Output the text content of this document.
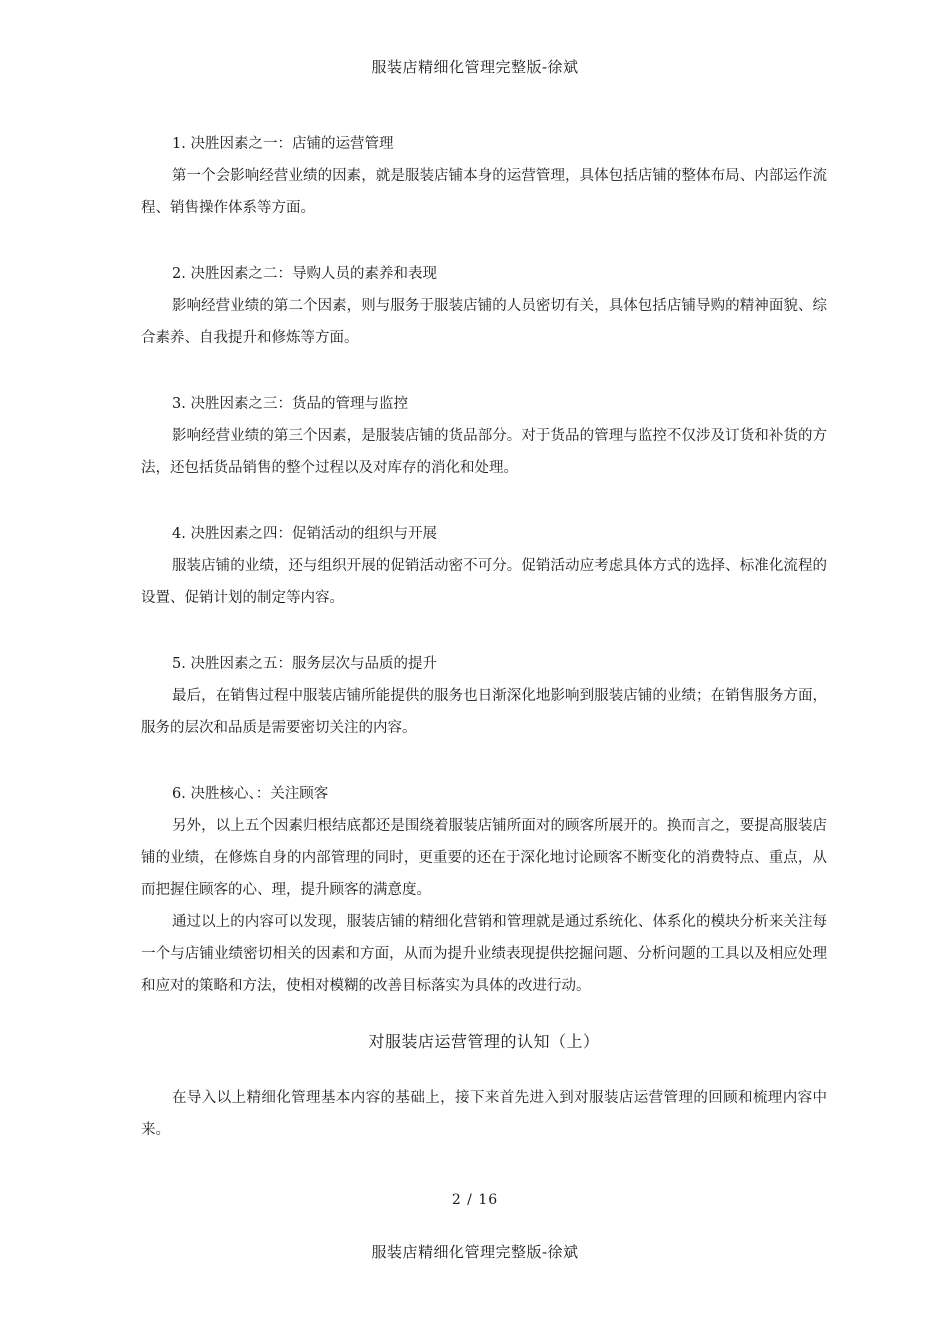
服装店精细化管理完整版-徐斌
1. 决胜因素之一：店铺的运营管理

第一个会影响经营业绩的因素，就是服装店铺本身的运营管理，具体包括店铺的整体布局、内部运作流程、销售操作体系等方面。

2. 决胜因素之二：导购人员的素养和表现

影响经营业绩的第二个因素，则与服务于服装店铺的人员密切有关，具体包括店铺导购的精神面貌、综合素养、自我提升和修炼等方面。

3. 决胜因素之三：货品的管理与监控

影响经营业绩的第三个因素，是服装店铺的货品部分。对于货品的管理与监控不仅涉及订货和补货的方法，还包括货品销售的整个过程以及对库存的消化和处理。

4. 决胜因素之四：促销活动的组织与开展

服装店铺的业绩，还与组织开展的促销活动密不可分。促销活动应考虑具体方式的选择、标准化流程的设置、促销计划的制定等内容。

5. 决胜因素之五：服务层次与品质的提升

最后，在销售过程中服装店铺所能提供的服务也日渐深化地影响到服装店铺的业绩；在销售服务方面，服务的层次和品质是需要密切关注的内容。

6. 决胜核心、：关注顾客

另外，以上五个因素归根结底都还是围绕着服装店铺所面对的顾客所展开的。换而言之，要提高服装店铺的业绩，在修炼自身的内部管理的同时，更重要的还在于深化地讨论顾客不断变化的消费特点、重点，从而把握住顾客的心、理，提升顾客的满意度。

通过以上的内容可以发现，服装店铺的精细化营销和管理就是通过系统化、体系化的模块分析来关注每一个与店铺业绩密切相关的因素和方面，从而为提升业绩表现提供挖掘问题、分析问题的工具以及相应处理和应对的策略和方法，使相对模糊的改善目标落实为具体的改进行动。

对服装店运营管理的认知（上）

在导入以上精细化管理基本内容的基础上，接下来首先进入到对服装店运营管理的回顾和梳理内容中来。

2 / 16
服装店精细化管理完整版-徐斌
